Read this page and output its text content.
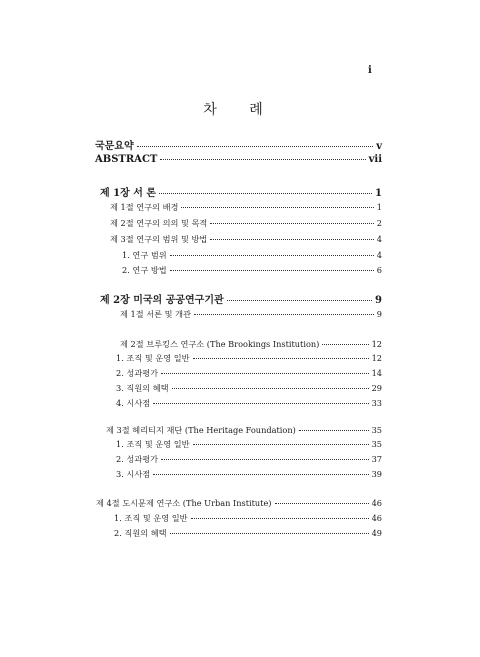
i
차 례
국문요약	v
ABSTRACT	vii
제 1장 서 론	1
제 1절 연구의 배경	1
제 2절 연구의 의의 및 목적	2
제 3절 연구의 범위 및 방법	4
1. 연구 범위	4
2. 연구 방법	6
제 2장 미국의 공공연구기관	9
제 1절 서론 및 개관	9
제 2절 브루킹스 연구소 (The Brookings Institution)	12
1. 조직 및 운영 일반	12
2. 성과평가	14
3. 직원의 혜택	29
4. 시사점	33
제 3절 헤리티지 재단 (The Heritage Foundation)	35
1. 조직 및 운영 일반	35
2. 성과평가	37
3. 시사점	39
제 4절 도시문제 연구소 (The Urban Institute)	46
1. 조직 및 운영 일반	46
2. 직원의 혜택	49
